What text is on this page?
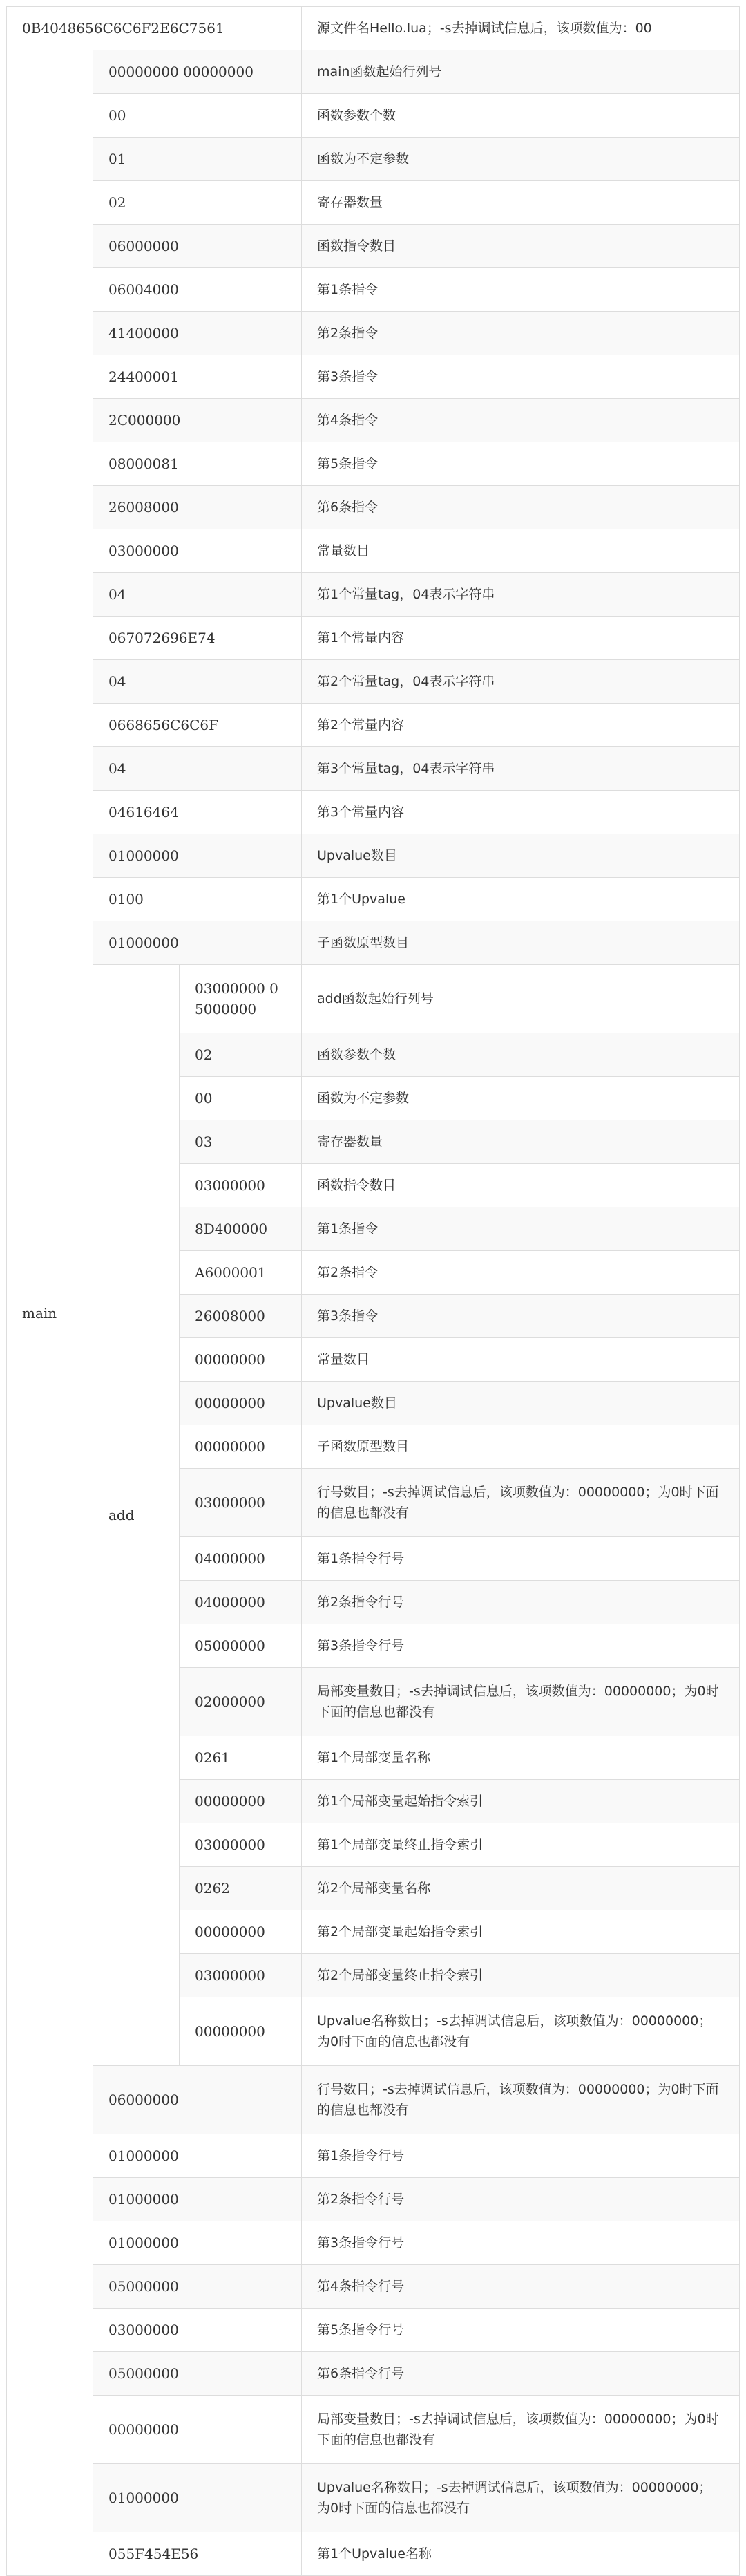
0B4048656C6C6F2E6C7561			源文件名Hello.lua；-s去掉调试信息后，该项数值为：00
main	00000000 00000000		main函数起始行列号
	00		函数参数个数
	01		函数为不定参数
	02		寄存器数量
	06000000		函数指令数目
	06004000		第1条指令
	41400000		第2条指令
	24400001		第3条指令
	2C000000		第4条指令
	08000081		第5条指令
	26008000		第6条指令
	03000000		常量数目
	04		第1个常量tag，04表示字符串
	067072696E74		第1个常量内容
	04		第2个常量tag，04表示字符串
	0668656C6C6F		第2个常量内容
	04		第3个常量tag，04表示字符串
	04616464		第3个常量内容
	01000000		Upvalue数目
	0100		第1个Upvalue
	01000000		子函数原型数目
	add	03000000 05000000	add函数起始行列号
		02	函数参数个数
		00	函数为不定参数
		03	寄存器数量
		03000000	函数指令数目
		8D400000	第1条指令
		A6000001	第2条指令
		26008000	第3条指令
		00000000	常量数目
		00000000	Upvalue数目
		00000000	子函数原型数目
		03000000	行号数目；-s去掉调试信息后，该项数值为：00000000；为0时下面的信息也都没有
		04000000	第1条指令行号
		04000000	第2条指令行号
		05000000	第3条指令行号
		02000000	局部变量数目；-s去掉调试信息后，该项数值为：00000000；为0时下面的信息也都没有
		0261	第1个局部变量名称
		00000000	第1个局部变量起始指令索引
		03000000	第1个局部变量终止指令索引
		0262	第2个局部变量名称
		00000000	第2个局部变量起始指令索引
		03000000	第2个局部变量终止指令索引
		00000000	Upvalue名称数目；-s去掉调试信息后，该项数值为：00000000；为0时下面的信息也都没有
	06000000		行号数目；-s去掉调试信息后，该项数值为：00000000；为0时下面的信息也都没有
	01000000		第1条指令行号
	01000000		第2条指令行号
	01000000		第3条指令行号
	05000000		第4条指令行号
	03000000		第5条指令行号
	05000000		第6条指令行号
	00000000		局部变量数目；-s去掉调试信息后，该项数值为：00000000；为0时下面的信息也都没有
	01000000		Upvalue名称数目；-s去掉调试信息后，该项数值为：00000000；为0时下面的信息也都没有
	055F454E56		第1个Upvalue名称
